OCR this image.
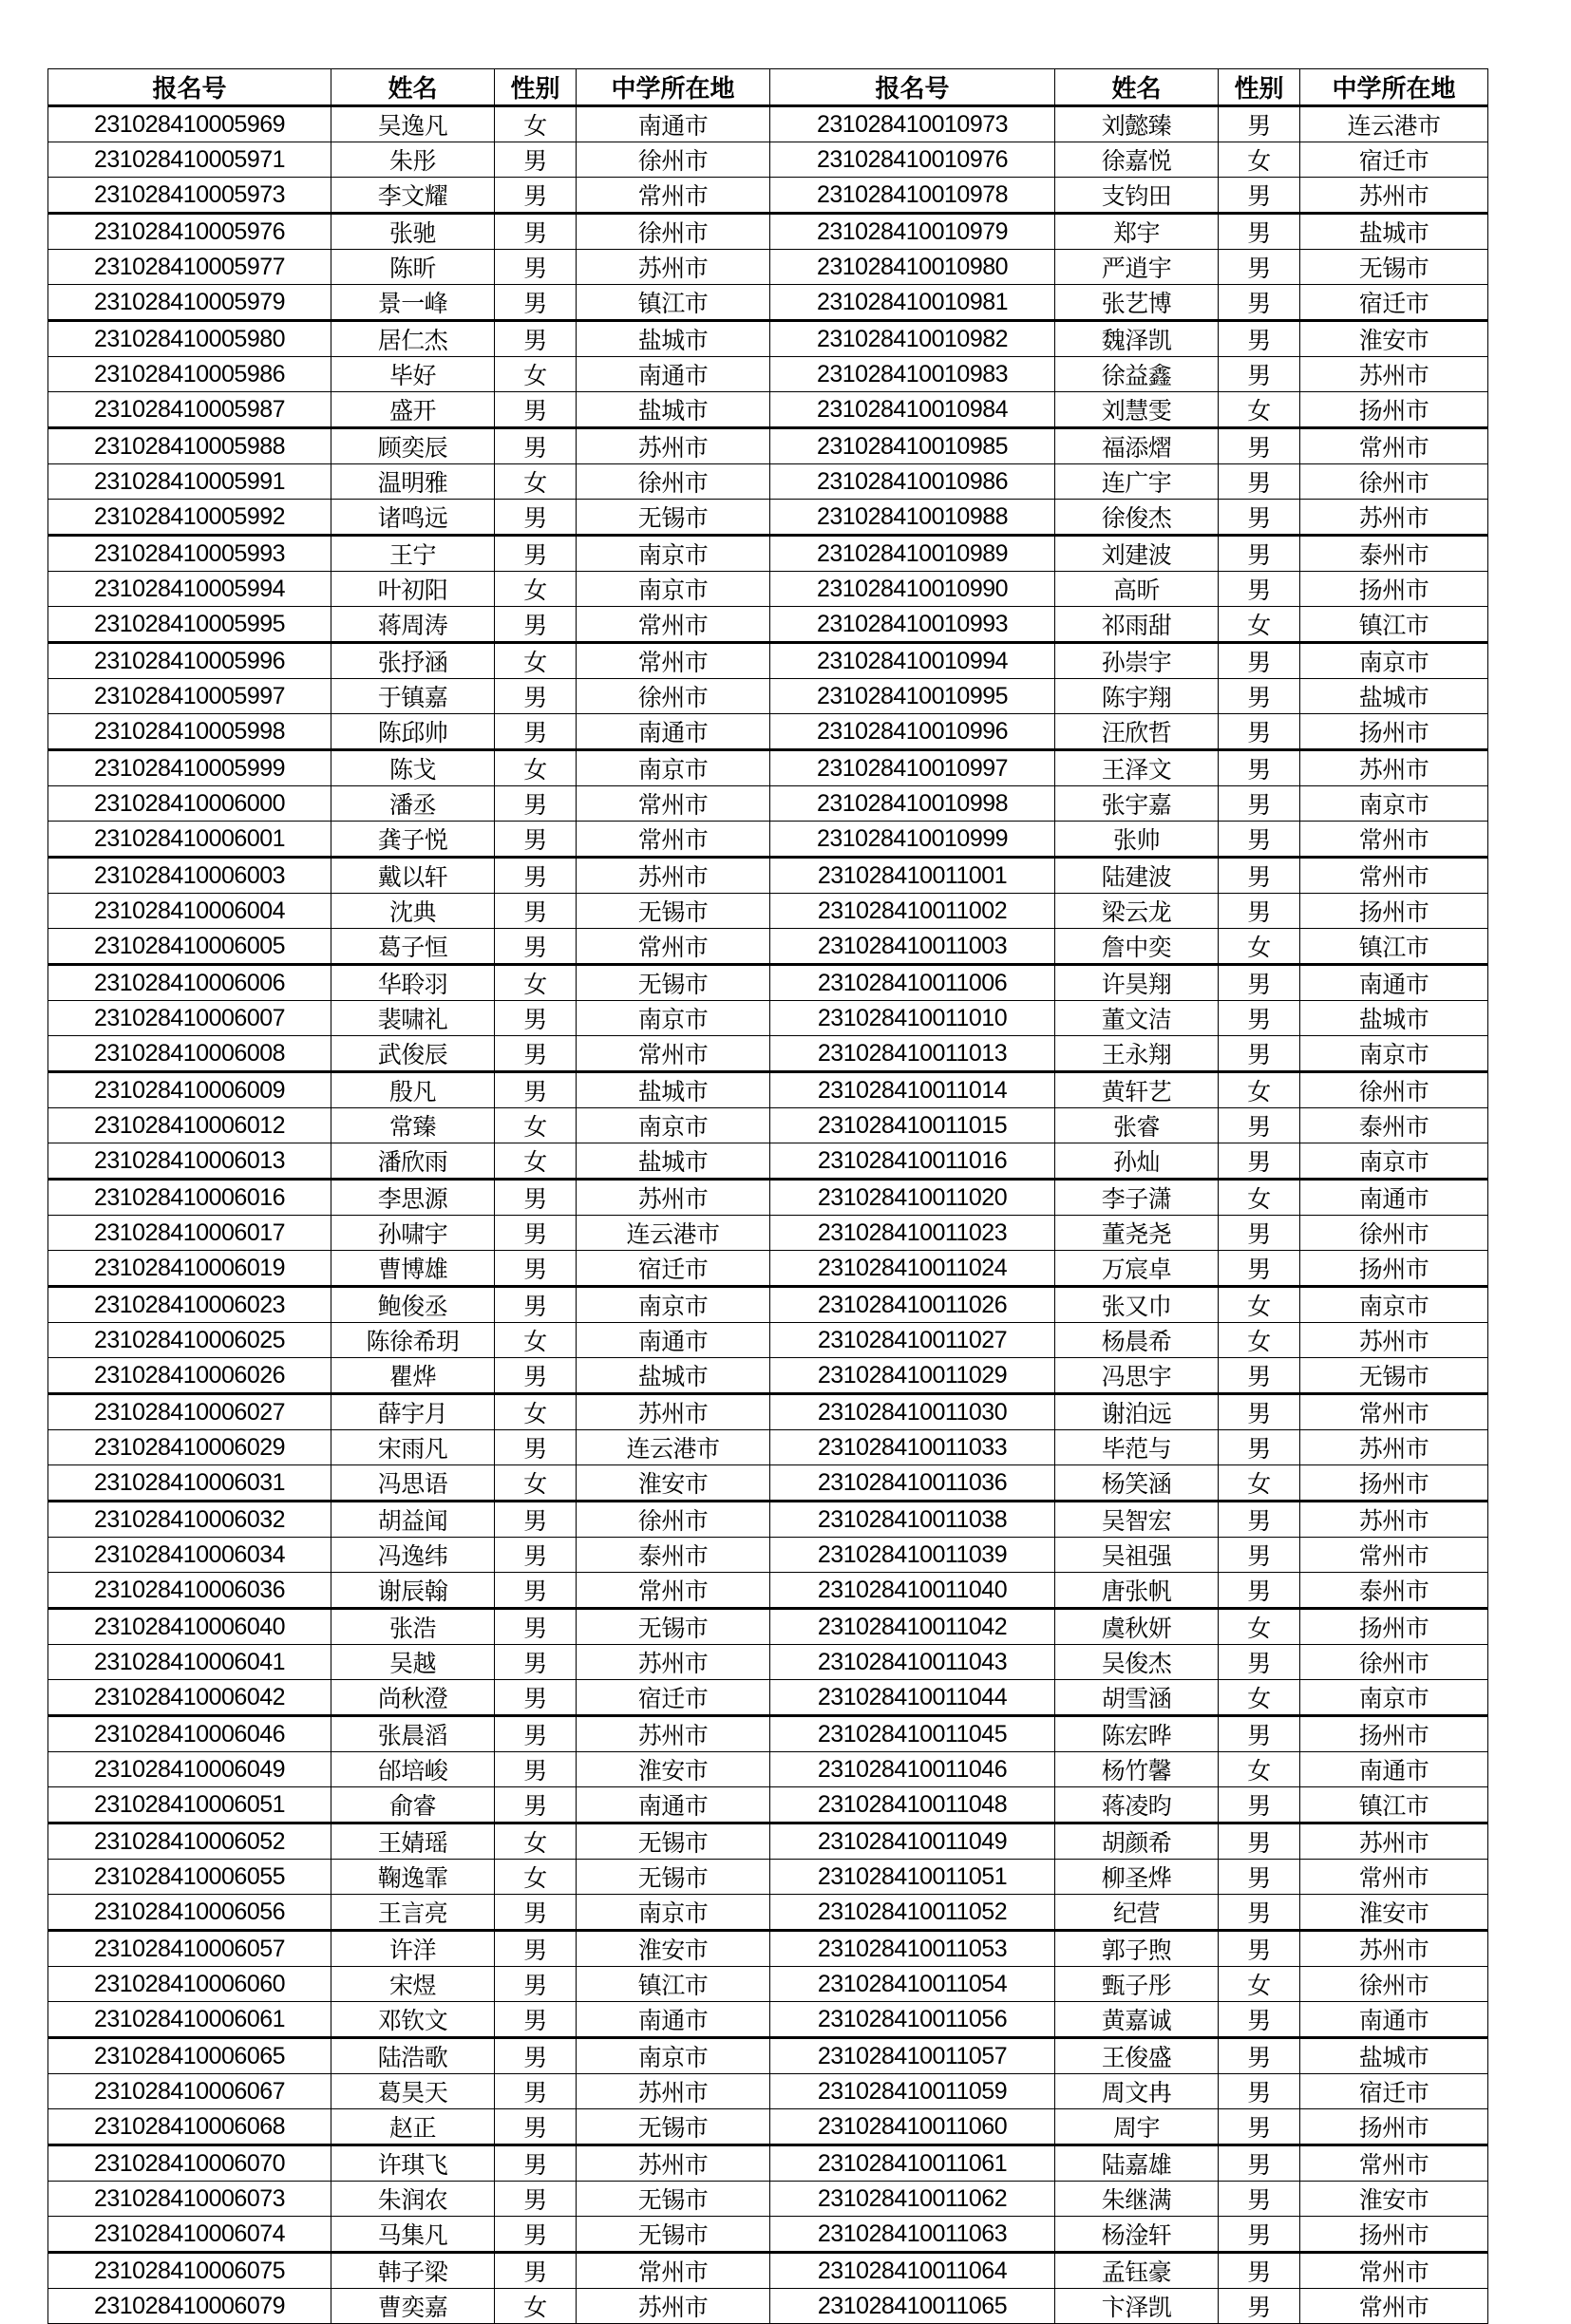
报名号	姓名	性别	中学所在地	报名号	姓名	性别	中学所在地
231028410005969	吴逸凡	女	南通市	231028410010973	刘懿臻	男	连云港市
231028410005971	朱彤	男	徐州市	231028410010976	徐嘉悦	女	宿迁市
231028410005973	李文耀	男	常州市	231028410010978	支钧田	男	苏州市
231028410005976	张驰	男	徐州市	231028410010979	郑宇	男	盐城市
231028410005977	陈昕	男	苏州市	231028410010980	严逍宇	男	无锡市
231028410005979	景一峰	男	镇江市	231028410010981	张艺博	男	宿迁市
231028410005980	居仁杰	男	盐城市	231028410010982	魏泽凯	男	淮安市
231028410005986	毕好	女	南通市	231028410010983	徐益鑫	男	苏州市
231028410005987	盛开	男	盐城市	231028410010984	刘慧雯	女	扬州市
231028410005988	顾奕辰	男	苏州市	231028410010985	福添熠	男	常州市
231028410005991	温明雅	女	徐州市	231028410010986	连广宇	男	徐州市
231028410005992	诸鸣远	男	无锡市	231028410010988	徐俊杰	男	苏州市
231028410005993	王宁	男	南京市	231028410010989	刘建波	男	泰州市
231028410005994	叶初阳	女	南京市	231028410010990	高昕	男	扬州市
231028410005995	蒋周涛	男	常州市	231028410010993	祁雨甜	女	镇江市
231028410005996	张抒涵	女	常州市	231028410010994	孙崇宇	男	南京市
231028410005997	于镇嘉	男	徐州市	231028410010995	陈宇翔	男	盐城市
231028410005998	陈邱帅	男	南通市	231028410010996	汪欣哲	男	扬州市
231028410005999	陈戈	女	南京市	231028410010997	王泽文	男	苏州市
231028410006000	潘丞	男	常州市	231028410010998	张宇嘉	男	南京市
231028410006001	龚子悦	男	常州市	231028410010999	张帅	男	常州市
231028410006003	戴以轩	男	苏州市	231028410011001	陆建波	男	常州市
231028410006004	沈典	男	无锡市	231028410011002	梁云龙	男	扬州市
231028410006005	葛子恒	男	常州市	231028410011003	詹中奕	女	镇江市
231028410006006	华聆羽	女	无锡市	231028410011006	许昊翔	男	南通市
231028410006007	裴啸礼	男	南京市	231028410011010	董文洁	男	盐城市
231028410006008	武俊辰	男	常州市	231028410011013	王永翔	男	南京市
231028410006009	殷凡	男	盐城市	231028410011014	黄轩艺	女	徐州市
231028410006012	常臻	女	南京市	231028410011015	张睿	男	泰州市
231028410006013	潘欣雨	女	盐城市	231028410011016	孙灿	男	南京市
231028410006016	李思源	男	苏州市	231028410011020	李子潇	女	南通市
231028410006017	孙啸宇	男	连云港市	231028410011023	董尧尧	男	徐州市
231028410006019	曹博雄	男	宿迁市	231028410011024	万宸卓	男	扬州市
231028410006023	鲍俊丞	男	南京市	231028410011026	张又巾	女	南京市
231028410006025	陈徐希玥	女	南通市	231028410011027	杨晨希	女	苏州市
231028410006026	瞿烨	男	盐城市	231028410011029	冯思宇	男	无锡市
231028410006027	薛宇月	女	苏州市	231028410011030	谢泊远	男	常州市
231028410006029	宋雨凡	男	连云港市	231028410011033	毕范与	男	苏州市
231028410006031	冯思语	女	淮安市	231028410011036	杨笑涵	女	扬州市
231028410006032	胡益闻	男	徐州市	231028410011038	吴智宏	男	苏州市
231028410006034	冯逸纬	男	泰州市	231028410011039	吴祖强	男	常州市
231028410006036	谢辰翰	男	常州市	231028410011040	唐张帆	男	泰州市
231028410006040	张浩	男	无锡市	231028410011042	虞秋妍	女	扬州市
231028410006041	吴越	男	苏州市	231028410011043	吴俊杰	男	徐州市
231028410006042	尚秋澄	男	宿迁市	231028410011044	胡雪涵	女	南京市
231028410006046	张晨滔	男	苏州市	231028410011045	陈宏晔	男	扬州市
231028410006049	邰培峻	男	淮安市	231028410011046	杨竹馨	女	南通市
231028410006051	俞睿	男	南通市	231028410011048	蒋凌昀	男	镇江市
231028410006052	王婧瑶	女	无锡市	231028410011049	胡颜希	男	苏州市
231028410006055	鞠逸霏	女	无锡市	231028410011051	柳圣烨	男	常州市
231028410006056	王言亮	男	南京市	231028410011052	纪营	男	淮安市
231028410006057	许洋	男	淮安市	231028410011053	郭子煦	男	苏州市
231028410006060	宋煜	男	镇江市	231028410011054	甄子彤	女	徐州市
231028410006061	邓钦文	男	南通市	231028410011056	黄嘉诚	男	南通市
231028410006065	陆浩歌	男	南京市	231028410011057	王俊盛	男	盐城市
231028410006067	葛昊天	男	苏州市	231028410011059	周文冉	男	宿迁市
231028410006068	赵正	男	无锡市	231028410011060	周宇	男	扬州市
231028410006070	许琪飞	男	苏州市	231028410011061	陆嘉雄	男	常州市
231028410006073	朱润农	男	无锡市	231028410011062	朱继满	男	淮安市
231028410006074	马集凡	男	无锡市	231028410011063	杨淦轩	男	扬州市
231028410006075	韩子梁	男	常州市	231028410011064	孟钰豪	男	常州市
231028410006079	曹奕嘉	女	苏州市	231028410011065	卞泽凯	男	常州市
